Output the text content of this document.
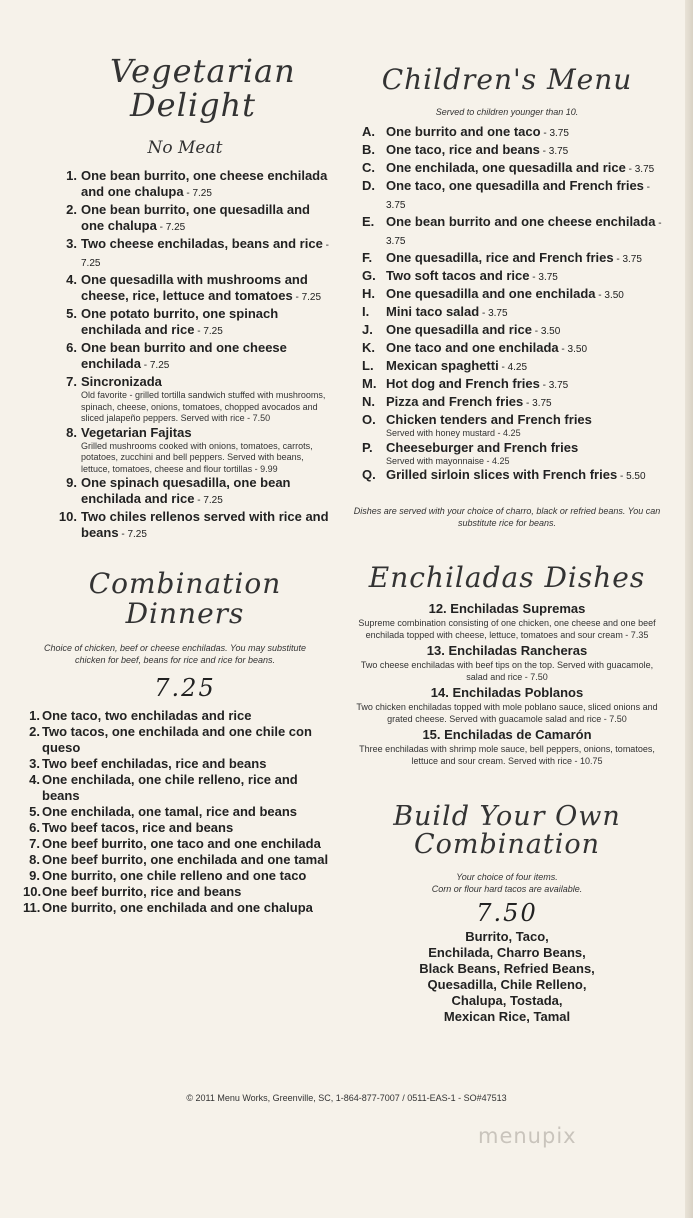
Vegetarian
Delight
No Meat
1. One bean burrito, one cheese enchilada and one chalupa - 7.25
2. One bean burrito, one quesadilla and one chalupa - 7.25
3. Two cheese enchiladas, beans and rice - 7.25
4. One quesadilla with mushrooms and cheese, rice, lettuce and tomatoes - 7.25
5. One potato burrito, one spinach enchilada and rice - 7.25
6. One bean burrito and one cheese enchilada - 7.25
7. Sincronizada
Old favorite - grilled tortilla sandwich stuffed with mushrooms, spinach, cheese, onions, tomatoes, chopped avocados and sliced jalapeño peppers. Served with rice - 7.50
8. Vegetarian Fajitas
Grilled mushrooms cooked with onions, tomatoes, carrots, potatoes, zucchini and bell peppers. Served with beans, lettuce, tomatoes, cheese and flour tortillas - 9.99
9. One spinach quesadilla, one bean enchilada and rice - 7.25
10. Two chiles rellenos served with rice and beans - 7.25
Combination
Dinners
Choice of chicken, beef or cheese enchiladas. You may substitute chicken for beef, beans for rice and rice for beans.
7.25
1. One taco, two enchiladas and rice
2. Two tacos, one enchilada and one chile con queso
3. Two beef enchiladas, rice and beans
4. One enchilada, one chile relleno, rice and beans
5. One enchilada, one tamal, rice and beans
6. Two beef tacos, rice and beans
7. One beef burrito, one taco and one enchilada
8. One beef burrito, one enchilada and one tamal
9. One burrito, one chile relleno and one taco
10. One beef burrito, rice and beans
11. One burrito, one enchilada and one chalupa
Children's Menu
Served to children younger than 10.
A. One burrito and one taco - 3.75
B. One taco, rice and beans - 3.75
C. One enchilada, one quesadilla and rice - 3.75
D. One taco, one quesadilla and French fries - 3.75
E. One bean burrito and one cheese enchilada - 3.75
F.	One quesadilla, rice and French fries - 3.75
G. Two soft tacos and rice - 3.75
H. One quesadilla and one enchilada - 3.50
I.	Mini taco salad - 3.75
J.	One quesadilla and rice - 3.50
K. One taco and one enchilada - 3.50
L. Mexican spaghetti - 4.25
M. Hot dog and French fries - 3.75
N. Pizza and French fries - 3.75
O. Chicken tenders and French fries
Served with honey mustard - 4.25
P.	Cheeseburger and French fries
Served with mayonnaise - 4.25
Q. Grilled sirloin slices with French fries - 5.50
Dishes are served with your choice of charro, black or refried beans. You can substitute rice for beans.
Enchiladas Dishes
12. Enchiladas Supremas
Supreme combination consisting of one chicken, one cheese and one beef enchilada topped with cheese, lettuce, tomatoes and sour cream - 7.35
13. Enchiladas Rancheras
Two cheese enchiladas with beef tips on the top. Served with guacamole, salad and rice - 7.50
14. Enchiladas Poblanos
Two chicken enchiladas topped with mole poblano sauce, sliced onions and grated cheese. Served with guacamole salad and rice - 7.50
15. Enchiladas de Camarón
Three enchiladas with shrimp mole sauce, bell peppers, onions, tomatoes, lettuce and sour cream. Served with rice - 10.75
Build Your Own
Combination
Your choice of four items.
Corn or flour hard tacos are available.
7.50
Burrito, Taco,
Enchilada, Charro Beans,
Black Beans, Refried Beans,
Quesadilla, Chile Relleno,
Chalupa, Tostada,
Mexican Rice, Tamal
© 2011 Menu Works, Greenville, SC, 1-864-877-7007 / 0511-EAS-1 - SO#47513
menupix
